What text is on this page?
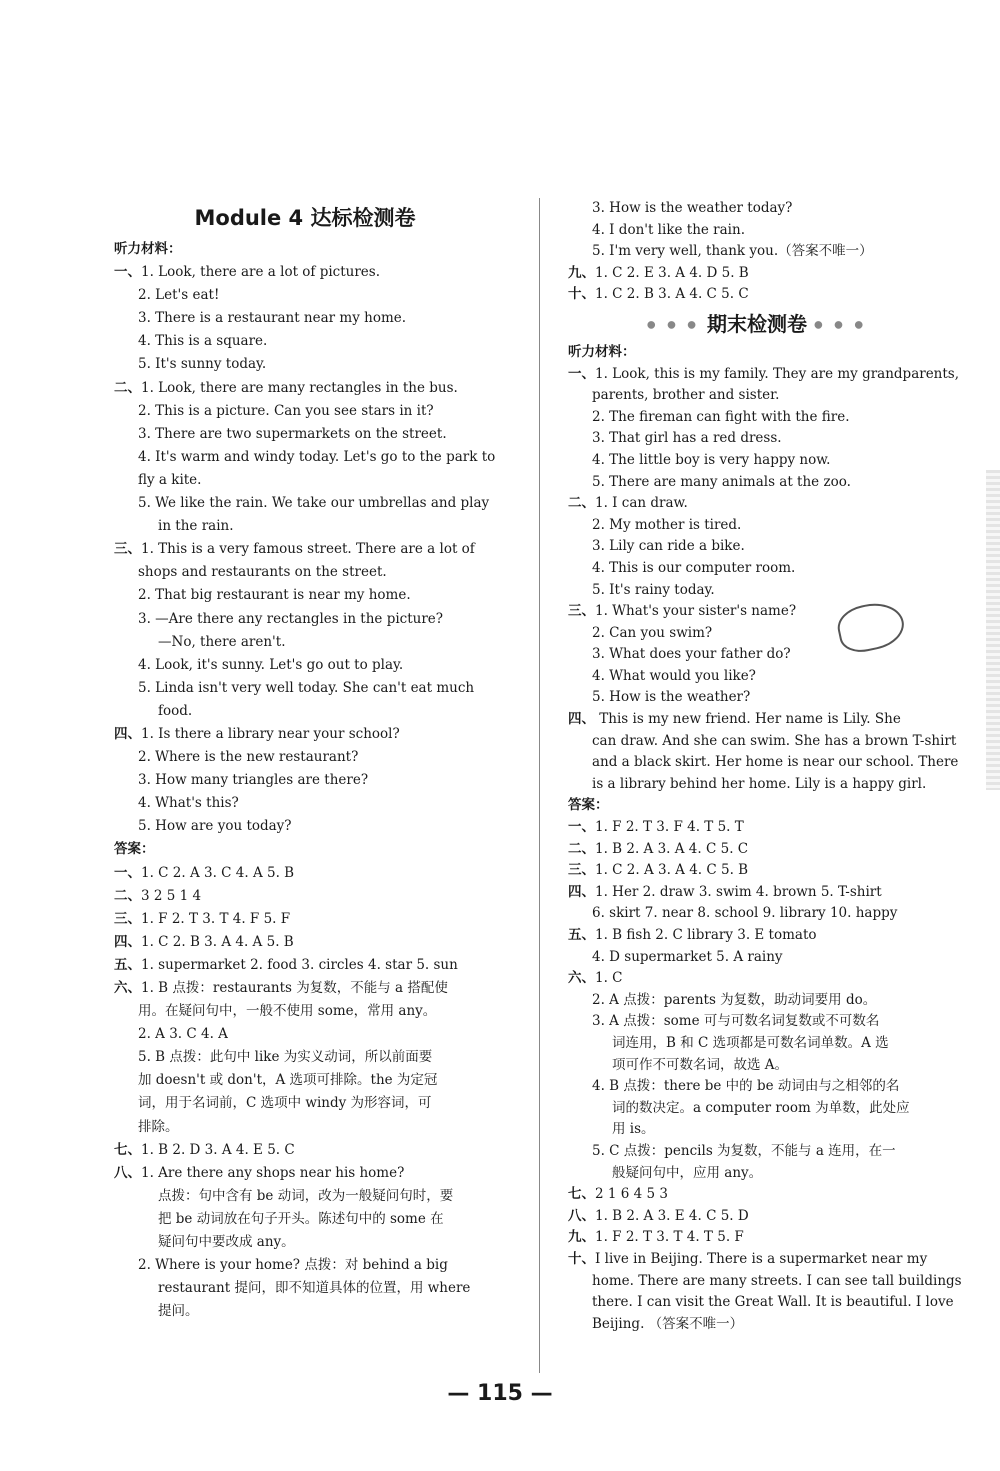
Module 4 达标检测卷
听力材料：
一、1. Look, there are a lot of pictures.
2. Let's eat!
3. There is a restaurant near my home.
4. This is a square.
5. It's sunny today.
二、1. Look, there are many rectangles in the bus.
2. This is a picture. Can you see stars in it?
3. There are two supermarkets on the street.
4. It's warm and windy today. Let's go to the park to
fly a kite.
5. We like the rain. We take our umbrellas and play
in the rain.
三、1. This is a very famous street. There are a lot of
shops and restaurants on the street.
2. That big restaurant is near my home.
3. —Are there any rectangles in the picture?
—No, there aren't.
4. Look, it's sunny. Let's go out to play.
5. Linda isn't very well today. She can't eat much
food.
四、1. Is there a library near your school?
2. Where is the new restaurant?
3. How many triangles are there?
4. What's this?
5. How are you today?
答案：
一、1. C 2. A 3. C 4. A 5. B
二、3 2 5 1 4
三、1. F 2. T 3. T 4. F 5. F
四、1. C 2. B 3. A 4. A 5. B
五、1. supermarket 2. food 3. circles 4. star 5. sun
六、1. B 点拨：restaurants 为复数，不能与 a 搭配使
用。在疑问句中，一般不使用 some，常用 any。
2. A 3. C 4. A
5. B 点拨：此句中 like 为实义动词，所以前面要
加 doesn't 或 don't，A 选项可排除。the 为定冠
词，用于名词前，C 选项中 windy 为形容词，可
排除。
七、1. B 2. D 3. A 4. E 5. C
八、1. Are there any shops near his home?
点拨：句中含有 be 动词，改为一般疑问句时，要
把 be 动词放在句子开头。陈述句中的 some 在
疑问句中要改成 any。
2. Where is your home? 点拨：对 behind a big
restaurant 提问，即不知道具体的位置，用 where
提问。
3. How is the weather today?
4. I don't like the rain.
5. I'm very well, thank you.（答案不唯一）
九、1. C 2. E 3. A 4. D 5. B
十、1. C 2. B 3. A 4. C 5. C
● ● ● 期末检测卷 ● ● ●
听力材料：
一、1. Look, this is my family. They are my grandparents,
parents, brother and sister.
2. The fireman can fight with the fire.
3. That girl has a red dress.
4. The little boy is very happy now.
5. There are many animals at the zoo.
二、1. I can draw.
2. My mother is tired.
3. Lily can ride a bike.
4. This is our computer room.
5. It's rainy today.
三、1. What's your sister's name?
2. Can you swim?
3. What does your father do?
4. What would you like?
5. How is the weather?
四、 This is my new friend. Her name is Lily. She
can draw. And she can swim. She has a brown T-shirt
and a black skirt. Her home is near our school. There
is a library behind her home. Lily is a happy girl.
答案：
一、1. F 2. T 3. F 4. T 5. T
二、1. B 2. A 3. A 4. C 5. C
三、1. C 2. A 3. A 4. C 5. B
四、1. Her 2. draw 3. swim 4. brown 5. T-shirt
6. skirt 7. near 8. school 9. library 10. happy
五、1. B fish 2. C library 3. E tomato
4. D supermarket 5. A rainy
六、1. C
2. A 点拨：parents 为复数，助动词要用 do。
3. A 点拨：some 可与可数名词复数或不可数名
词连用，B 和 C 选项都是可数名词单数。A 选
项可作不可数名词，故选 A。
4. B 点拨：there be 中的 be 动词由与之相邻的名
词的数决定。a computer room 为单数，此处应
用 is。
5. C 点拨：pencils 为复数，不能与 a 连用，在一
般疑问句中，应用 any。
七、2 1 6 4 5 3
八、1. B 2. A 3. E 4. C 5. D
九、1. F 2. T 3. T 4. T 5. F
十、I live in Beijing. There is a supermarket near my
home. There are many streets. I can see tall buildings
there. I can visit the Great Wall. It is beautiful. I love
Beijing. （答案不唯一）
— 115 —
